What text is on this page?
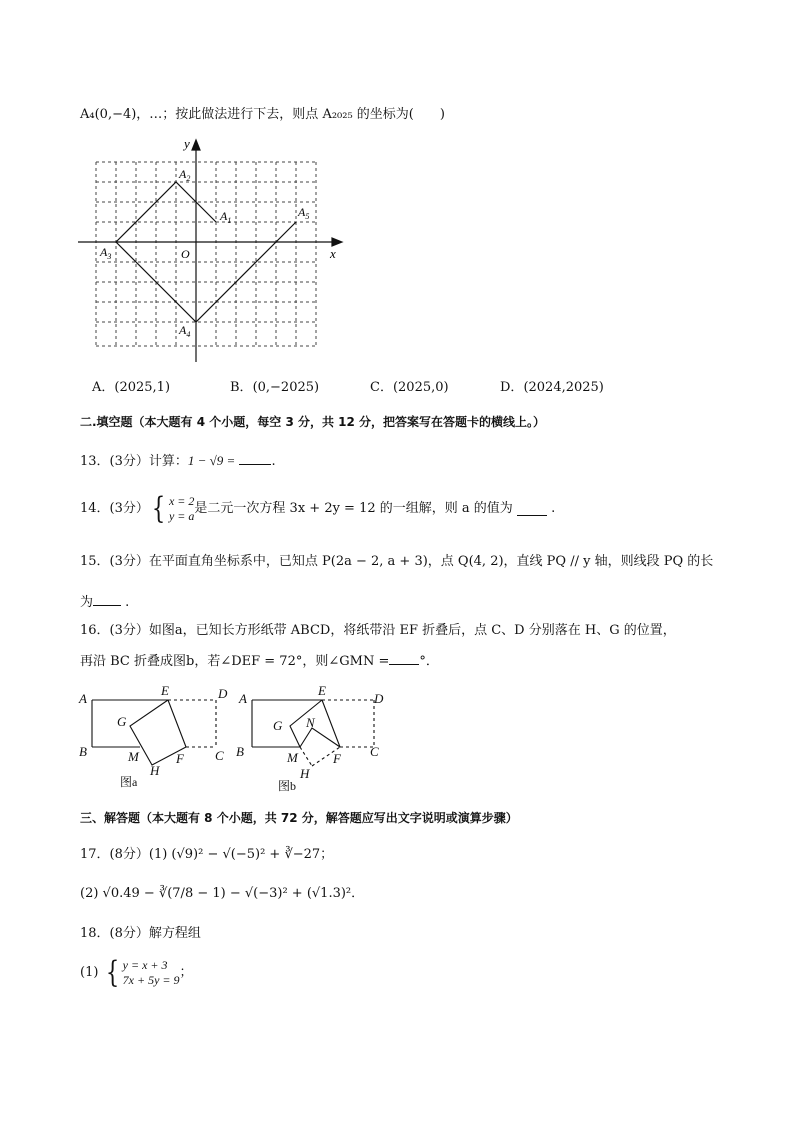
A₄(0,−4)，…；按此做法进行下去，则点 A₂₀₂₅ 的坐标为(　　)
x
y
O
$A_1$
$A_2$
$A_3$
$A_4$
$A_5$
A．(2025,1)	B．(0,−2025)	C．(2025,0)	D．(2024,2025)
二.填空题（本大题有 4 个小题，每空 3 分，共 12 分，把答案写在答题卡的横线上。）
13．(3分）计算：1 − √9 =	.
14．(3分）{ x = 2
y = a是二元一次方程 3x + 2y = 12 的一组解，则 a 的值为	.
15．(3分）在平面直角坐标系中，已知点 P(2a − 2, a + 3)，点 Q(4, 2)，直线 PQ // y 轴，则线段 PQ 的长
为 .
16．(3分）如图a，已知长方形纸带 ABCD，将纸带沿 EF 折叠后，点 C、D 分别落在 H、G 的位置，
再沿 BC 折叠成图b，若∠DEF = 72°，则∠GMN = °．
A
E	D
G
B	M	F C
H
图a
A
E
D
G N
B	M	F C
H
图b
三、解答题（本大题有 8 个小题，共 72 分，解答题应写出文字说明或演算步骤）
17．(8分）(1) (√9)² − √(−5)² + ∛−27；
(2) √0.49 − ∛(7/8 − 1) − √(−3)² + (√1.3)²．
18．(8分）解方程组
(1) { y = x + 3
7x + 5y = 9；
